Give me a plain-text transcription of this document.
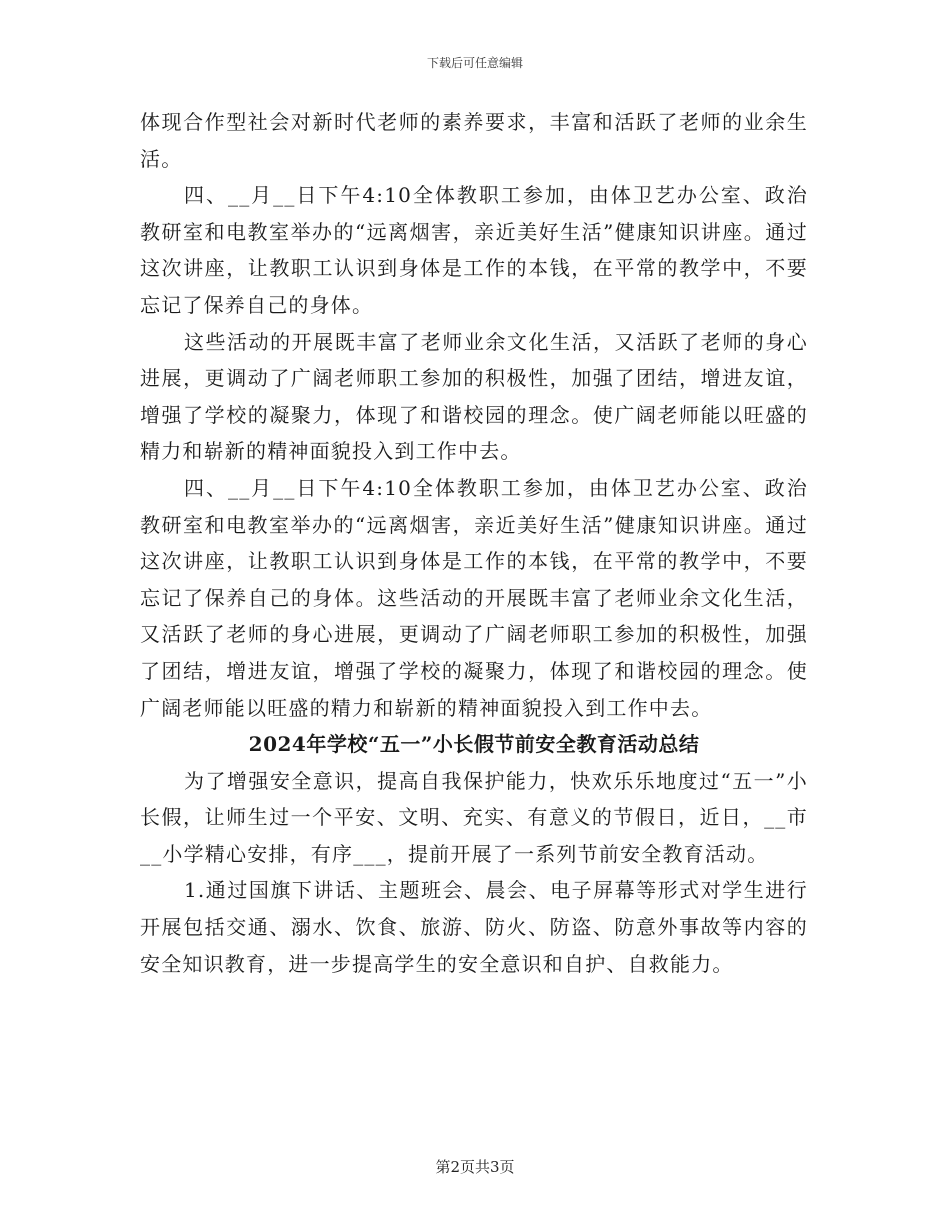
下载后可任意编辑

体现合作型社会对新时代老师的素养要求，丰富和活跃了老师的业余生活。

四、__月__日下午4:10全体教职工参加，由体卫艺办公室、政治教研室和电教室举办的“远离烟害，亲近美好生活”健康知识讲座。通过这次讲座，让教职工认识到身体是工作的本钱，在平常的教学中，不要忘记了保养自己的身体。

这些活动的开展既丰富了老师业余文化生活，又活跃了老师的身心进展，更调动了广阔老师职工参加的积极性，加强了团结，增进友谊，增强了学校的凝聚力，体现了和谐校园的理念。使广阔老师能以旺盛的精力和崭新的精神面貌投入到工作中去。

四、__月__日下午4:10全体教职工参加，由体卫艺办公室、政治教研室和电教室举办的“远离烟害，亲近美好生活”健康知识讲座。通过这次讲座，让教职工认识到身体是工作的本钱，在平常的教学中，不要忘记了保养自己的身体。这些活动的开展既丰富了老师业余文化生活，又活跃了老师的身心进展，更调动了广阔老师职工参加的积极性，加强了团结，增进友谊，增强了学校的凝聚力，体现了和谐校园的理念。使广阔老师能以旺盛的精力和崭新的精神面貌投入到工作中去。

2024年学校“五一”小长假节前安全教育活动总结

为了增强安全意识，提高自我保护能力，快欢乐乐地度过“五一”小长假，让师生过一个平安、文明、充实、有意义的节假日，近日，__市__小学精心安排，有序___，提前开展了一系列节前安全教育活动。

1.通过国旗下讲话、主题班会、晨会、电子屏幕等形式对学生进行开展包括交通、溺水、饮食、旅游、防火、防盗、防意外事故等内容的安全知识教育，进一步提高学生的安全意识和自护、自救能力。

第2页共3页
